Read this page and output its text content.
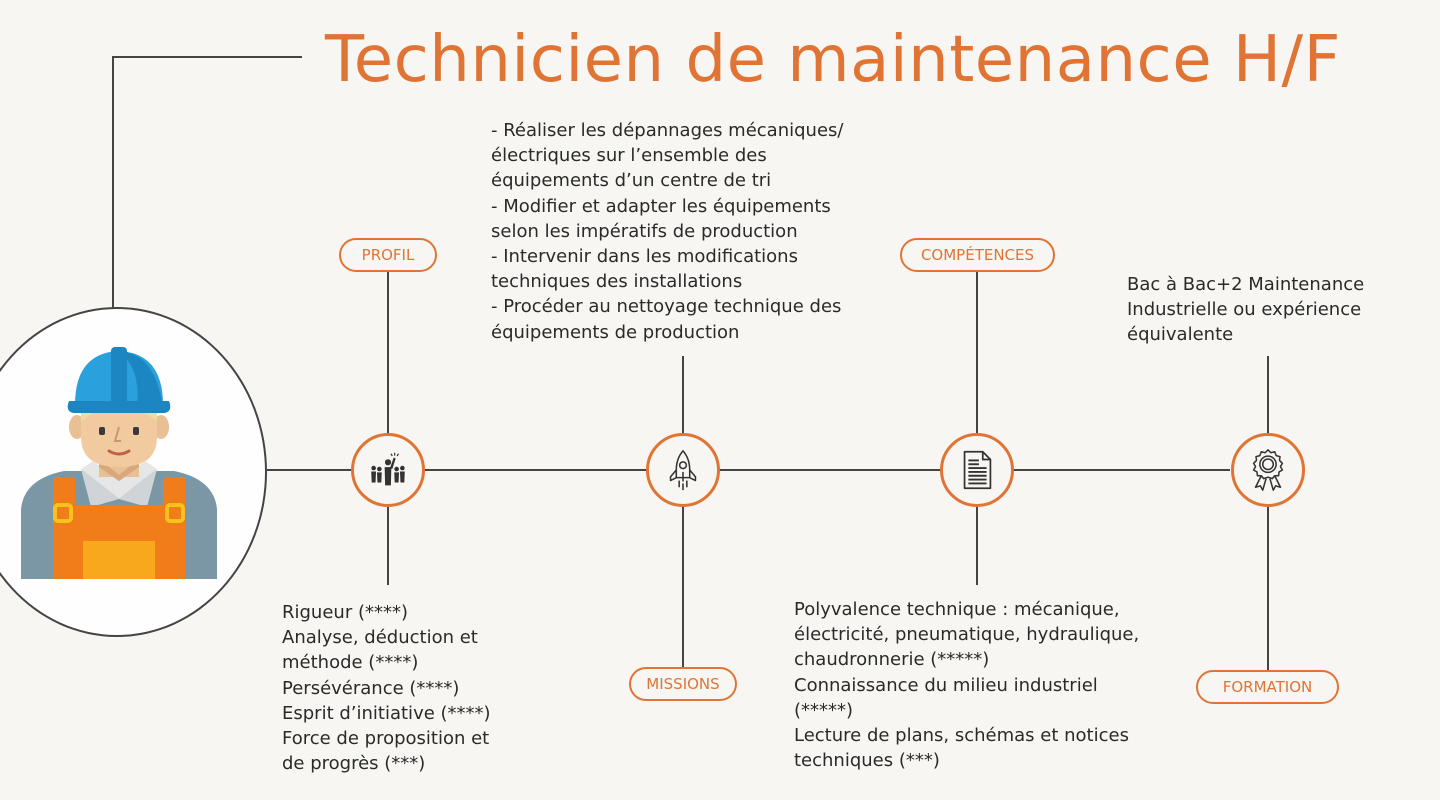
Technicien de maintenance H/F
PROFIL
Rigueur (****)
Analyse, déduction et
méthode (****)
Persévérance (****)
Esprit d’initiative (****)
Force de proposition et
de progrès (***)
- Réaliser les dépannages mécaniques/
électriques sur l’ensemble des
équipements d’un centre de tri
- Modifier et adapter les équipements
selon les impératifs de production
- Intervenir dans les modifications
techniques des installations
- Procéder au nettoyage technique des
équipements de production
MISSIONS
COMPÉTENCES
Polyvalence technique : mécanique,
électricité, pneumatique, hydraulique,
chaudronnerie (*****)
Connaissance du milieu industriel
(*****)
Lecture de plans, schémas et notices
techniques (***)
Bac à Bac+2 Maintenance
Industrielle ou expérience
équivalente
FORMATION
